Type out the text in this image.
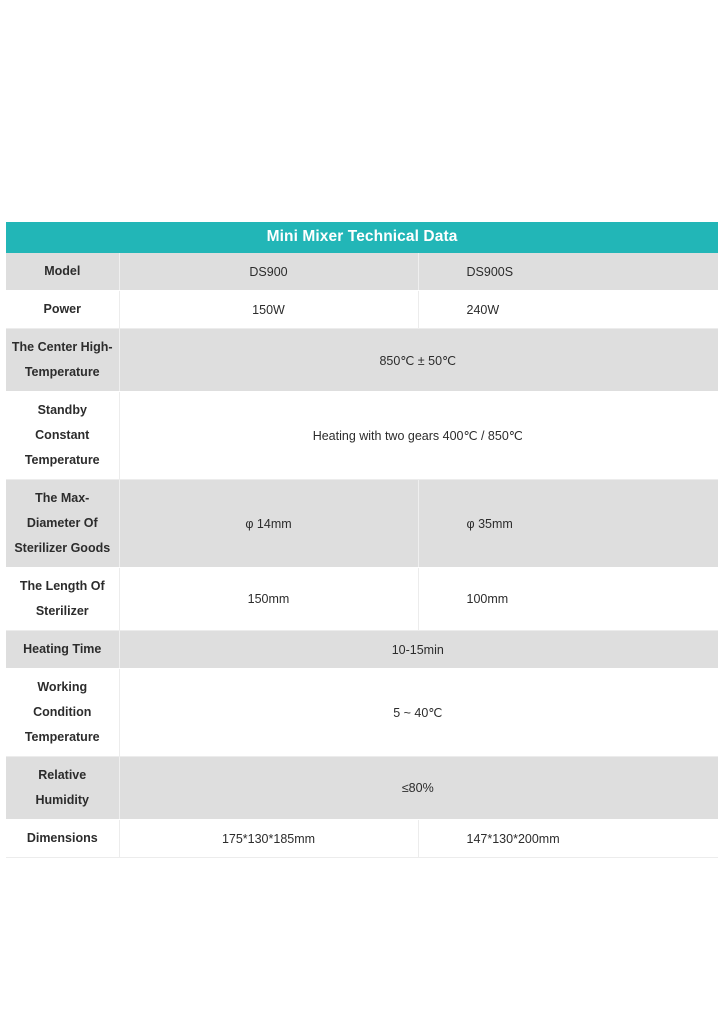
Mini Mixer Technical Data		
Model	DS900	DS900S
Power	150W	240W
The Center High-Temperature	850℃ ± 50℃	
Standby Constant Temperature	Heating with two gears 400℃ / 850℃	
The Max-Diameter Of Sterilizer Goods	φ 14mm	φ 35mm
The Length Of Sterilizer	150mm	100mm
Heating Time	10-15min	
Working Condition Temperature	5 ~ 40℃	
Relative Humidity	≤80%	
Dimensions	175*130*185mm	147*130*200mm
